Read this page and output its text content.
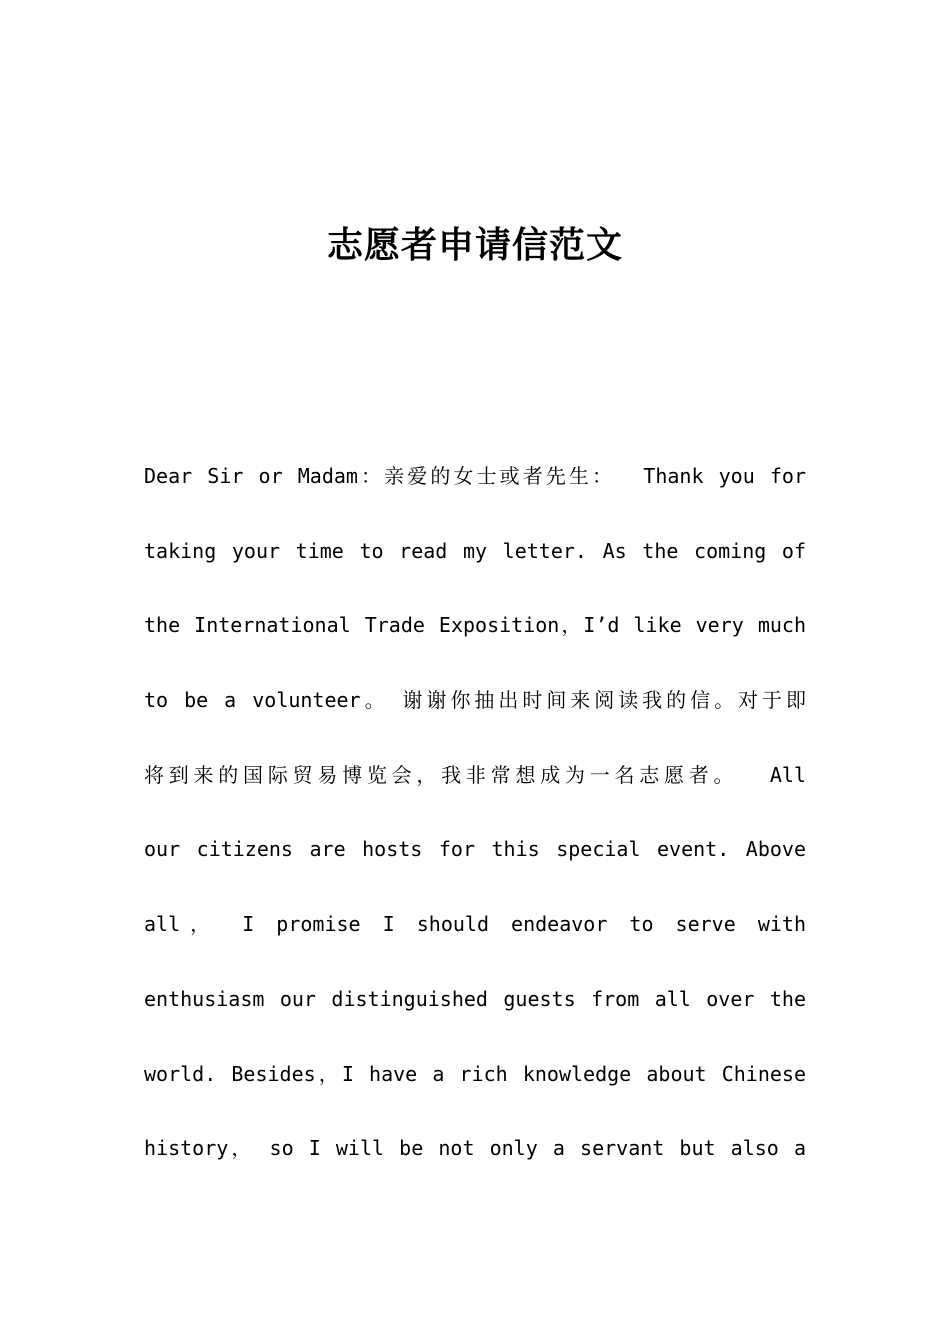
志愿者申请信范文
Dear Sir or Madam：亲爱的女士或者先生：　 Thank you for
taking your time to read my letter. As the coming of
the International Trade Exposition，I’d like very much
to be a volunteer。　谢谢你抽出时间来阅读我的信。对于即
将到来的国际贸易博览会，我非常想成为一名志愿者。　 All
our citizens are hosts for this special event. Above
all， I promise I should endeavor to serve with
enthusiasm our distinguished guests from all over the
world. Besides，I have a rich knowledge about Chinese
history， so I will be not only a servant but also a
